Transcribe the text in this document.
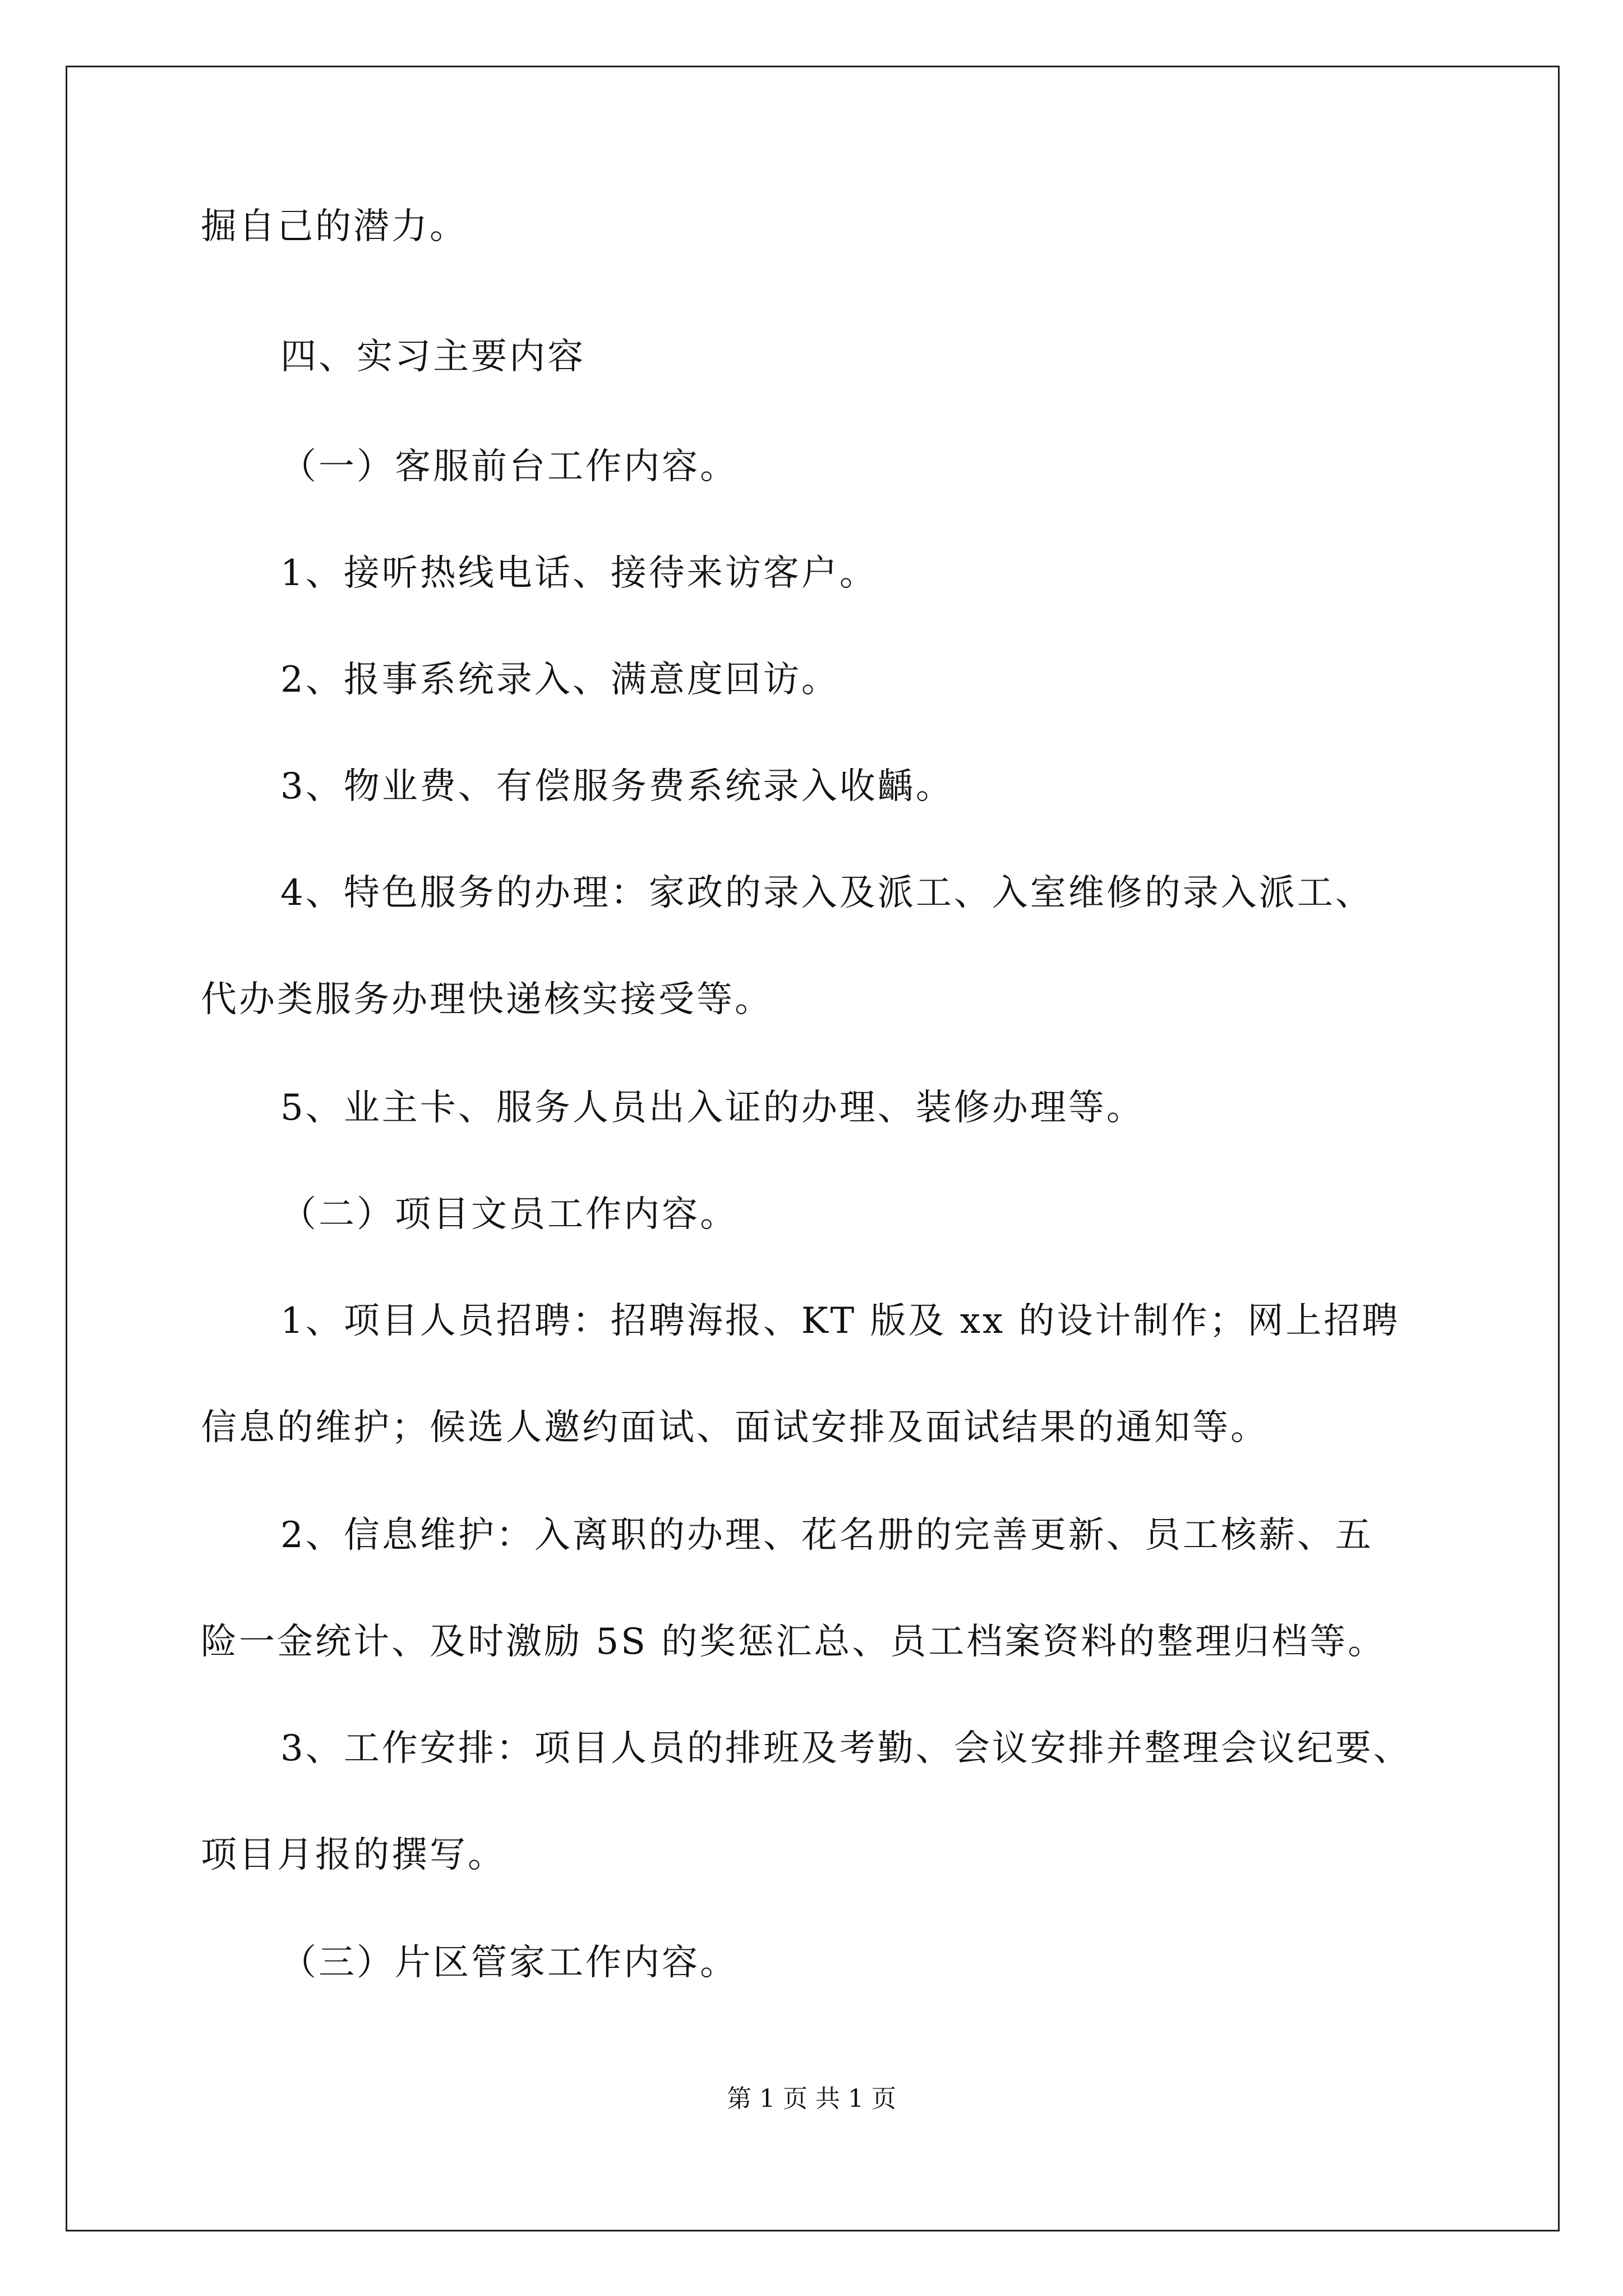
掘自己的潜力。
四、实习主要内容
（一）客服前台工作内容。
1、接听热线电话、接待来访客户。
2、报事系统录入、满意度回访。
3、物业费、有偿服务费系统录入收齲。
4、特色服务的办理：家政的录入及派工、入室维修的录入派工、
代办类服务办理快递核实接受等。
5、业主卡、服务人员出入证的办理、装修办理等。
（二）项目文员工作内容。
1、项目人员招聘：招聘海报、KT 版及 xx 的设计制作；网上招聘
信息的维护；候选人邀约面试、面试安排及面试结果的通知等。
2、信息维护：入离职的办理、花名册的完善更新、员工核薪、五
险一金统计、及时激励 5S 的奖惩汇总、员工档案资料的整理归档等。
3、工作安排：项目人员的排班及考勤、会议安排并整理会议纪要、
项目月报的撰写。
（三）片区管家工作内容。
第 1 页 共 1 页
